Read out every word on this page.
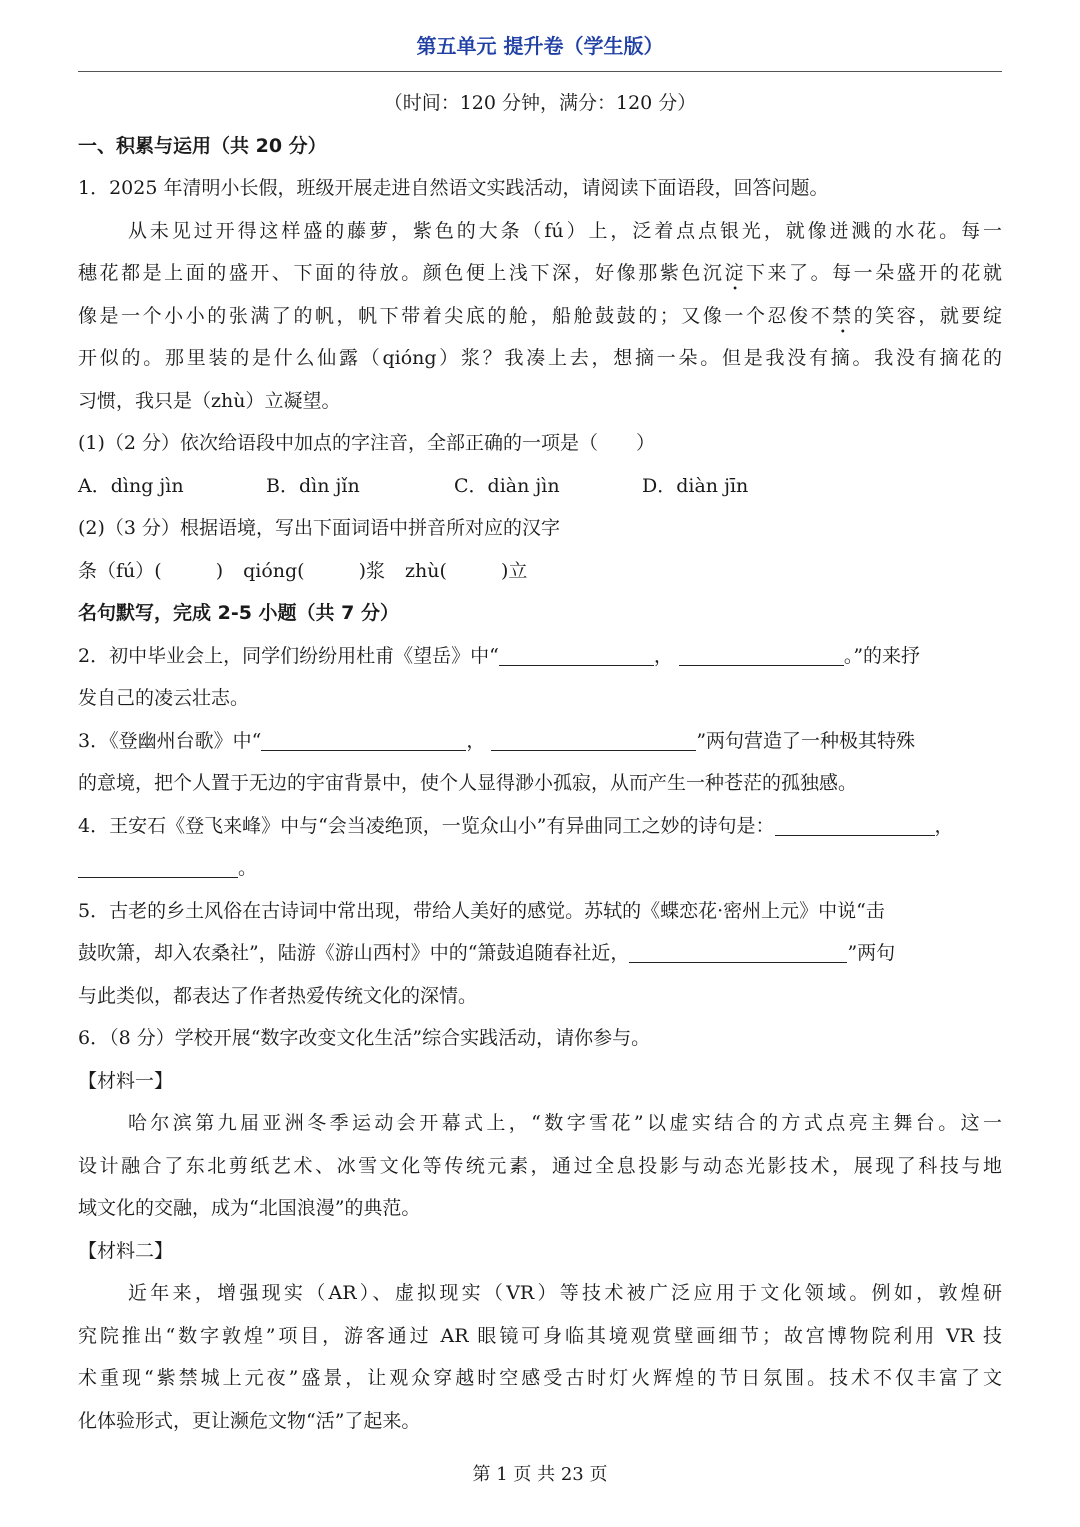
第五单元 提升卷（学生版）
（时间：120 分钟，满分：120 分）
一、积累与运用（共 20 分）
1．2025 年清明小长假，班级开展走进自然语文实践活动，请阅读下面语段，回答问题。
从未见过开得这样盛的藤萝，紫色的大条（fú）上，泛着点点银光，就像迸溅的水花。每一
穗花都是上面的盛开、下面的待放。颜色便上浅下深，好像那紫色沉淀下来了。每一朵盛开的花就
像是一个小小的张满了的帆，帆下带着尖底的舱，船舱鼓鼓的；又像一个忍俊不禁的笑容，就要绽
开似的。那里装的是什么仙露（qióng）浆？我凑上去，想摘一朵。但是我没有摘。我没有摘花的
习惯，我只是（zhù）立凝望。
(1)（2 分）依次给语段中加点的字注音，全部正确的一项是（　　）
A．dìng jìn	B．dìn jǐn	C．diàn jìn	D．diàn jīn
(2)（3 分）根据语境，写出下面词语中拼音所对应的汉字
条（fú）(	) qióng(	)浆 zhù(	)立
名句默写，完成 2-5 小题（共 7 分）
2．初中毕业会上，同学们纷纷用杜甫《望岳》中“	，	。”的来抒
发自己的凌云壮志。
3．《登幽州台歌》中“	，	”两句营造了一种极其特殊
的意境，把个人置于无边的宇宙背景中，使个人显得渺小孤寂，从而产生一种苍茫的孤独感。
4．王安石《登飞来峰》中与“会当凌绝顶，一览众山小”有异曲同工之妙的诗句是：	，
。
5．古老的乡土风俗在古诗词中常出现，带给人美好的感觉。苏轼的《蝶恋花·密州上元》中说“击
鼓吹箫，却入农桑社”，陆游《游山西村》中的“箫鼓追随春社近，	”两句
与此类似，都表达了作者热爱传统文化的深情。
6．（8 分）学校开展“数字改变文化生活”综合实践活动，请你参与。
【材料一】
哈尔滨第九届亚洲冬季运动会开幕式上，“数字雪花”以虚实结合的方式点亮主舞台。这一
设计融合了东北剪纸艺术、冰雪文化等传统元素，通过全息投影与动态光影技术，展现了科技与地
域文化的交融，成为“北国浪漫”的典范。
【材料二】
近年来，增强现实（AR）、虚拟现实（VR）等技术被广泛应用于文化领域。例如，敦煌研
究院推出“数字敦煌”项目，游客通过 AR 眼镜可身临其境观赏壁画细节；故宫博物院利用 VR 技
术重现“紫禁城上元夜”盛景，让观众穿越时空感受古时灯火辉煌的节日氛围。技术不仅丰富了文
化体验形式，更让濒危文物“活”了起来。
第 1 页 共 23 页
